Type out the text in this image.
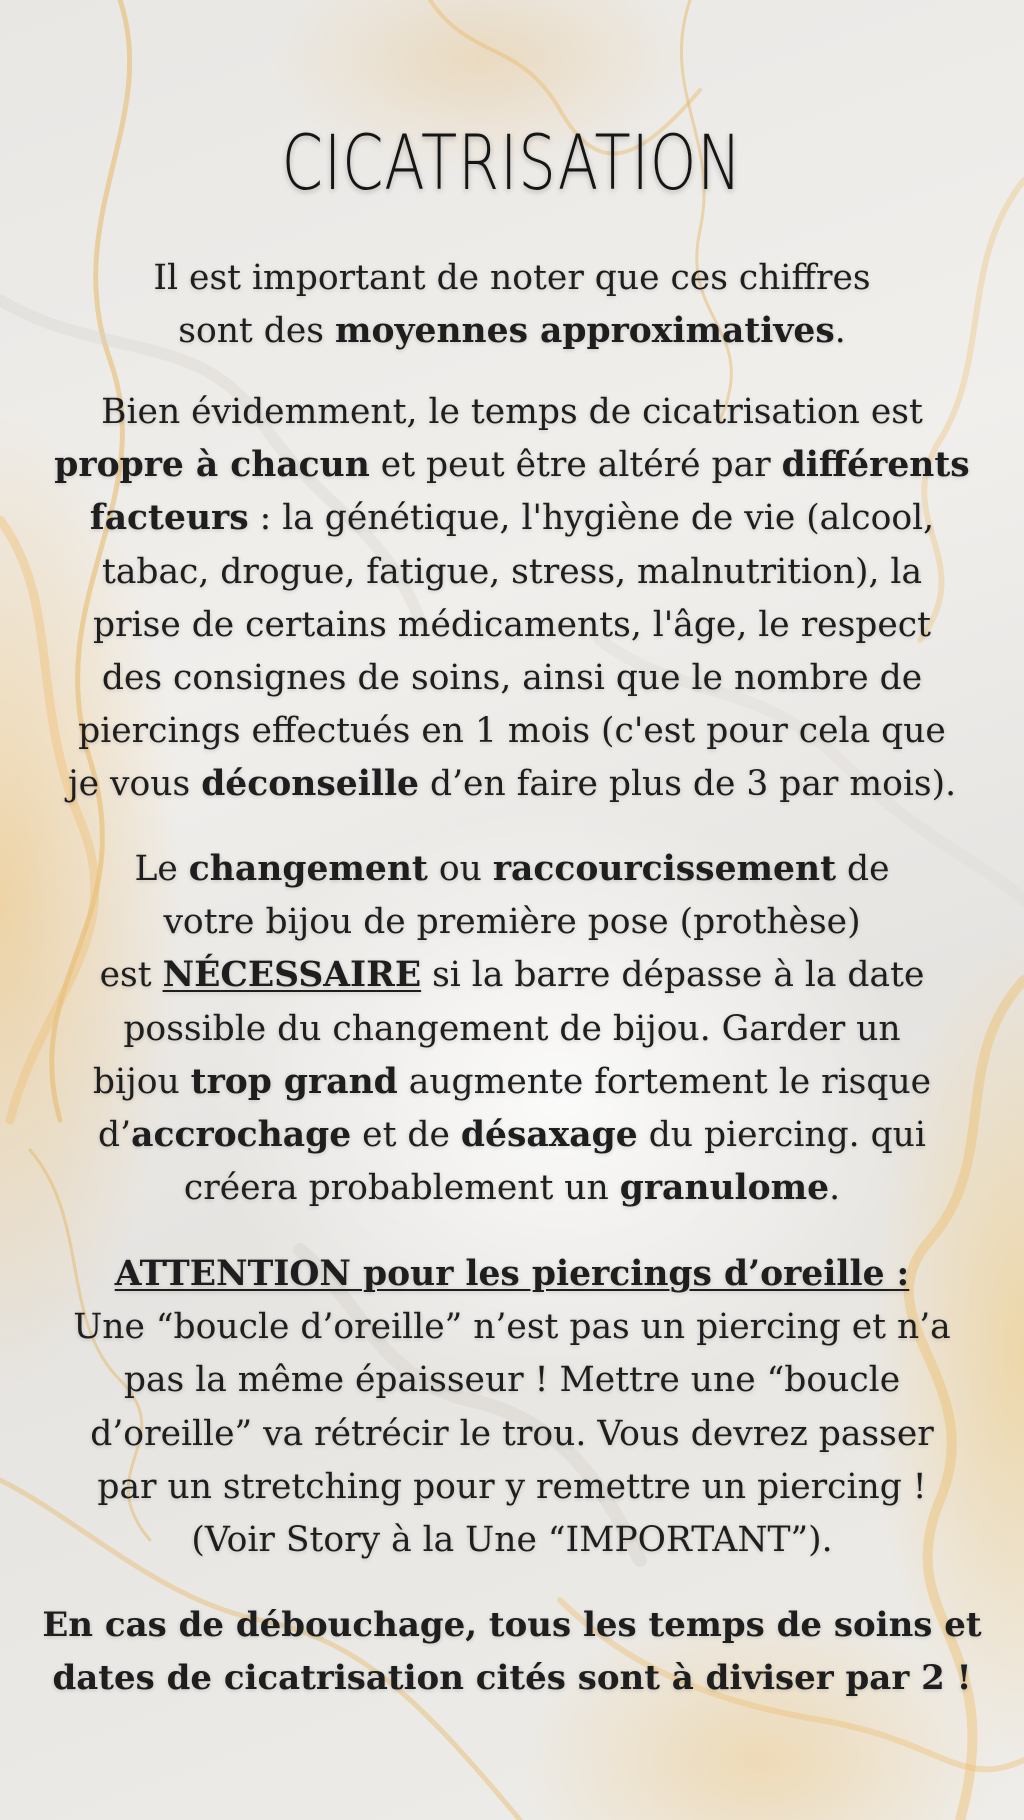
CICATRISATION
Il est important de noter que ces chiffres
sont des moyennes approximatives.
Bien évidemment, le temps de cicatrisation est
propre à chacun et peut être altéré par différents
facteurs : la génétique, l'hygiène de vie (alcool,
tabac, drogue, fatigue, stress, malnutrition), la
prise de certains médicaments, l'âge, le respect
des consignes de soins, ainsi que le nombre de
piercings effectués en 1 mois (c'est pour cela que
je vous déconseille d’en faire plus de 3 par mois).
Le changement ou raccourcissement de
votre bijou de première pose (prothèse)
est NÉCESSAIRE si la barre dépasse à la date
possible du changement de bijou. Garder un
bijou trop grand augmente fortement le risque
d’accrochage et de désaxage du piercing. qui
créera probablement un granulome.
ATTENTION pour les piercings d’oreille :
Une “boucle d’oreille” n’est pas un piercing et n’a
pas la même épaisseur ! Mettre une “boucle
d’oreille” va rétrécir le trou. Vous devrez passer
par un stretching pour y remettre un piercing !
(Voir Story à la Une “IMPORTANT”).
En cas de débouchage, tous les temps de soins et
dates de cicatrisation cités sont à diviser par 2 !
